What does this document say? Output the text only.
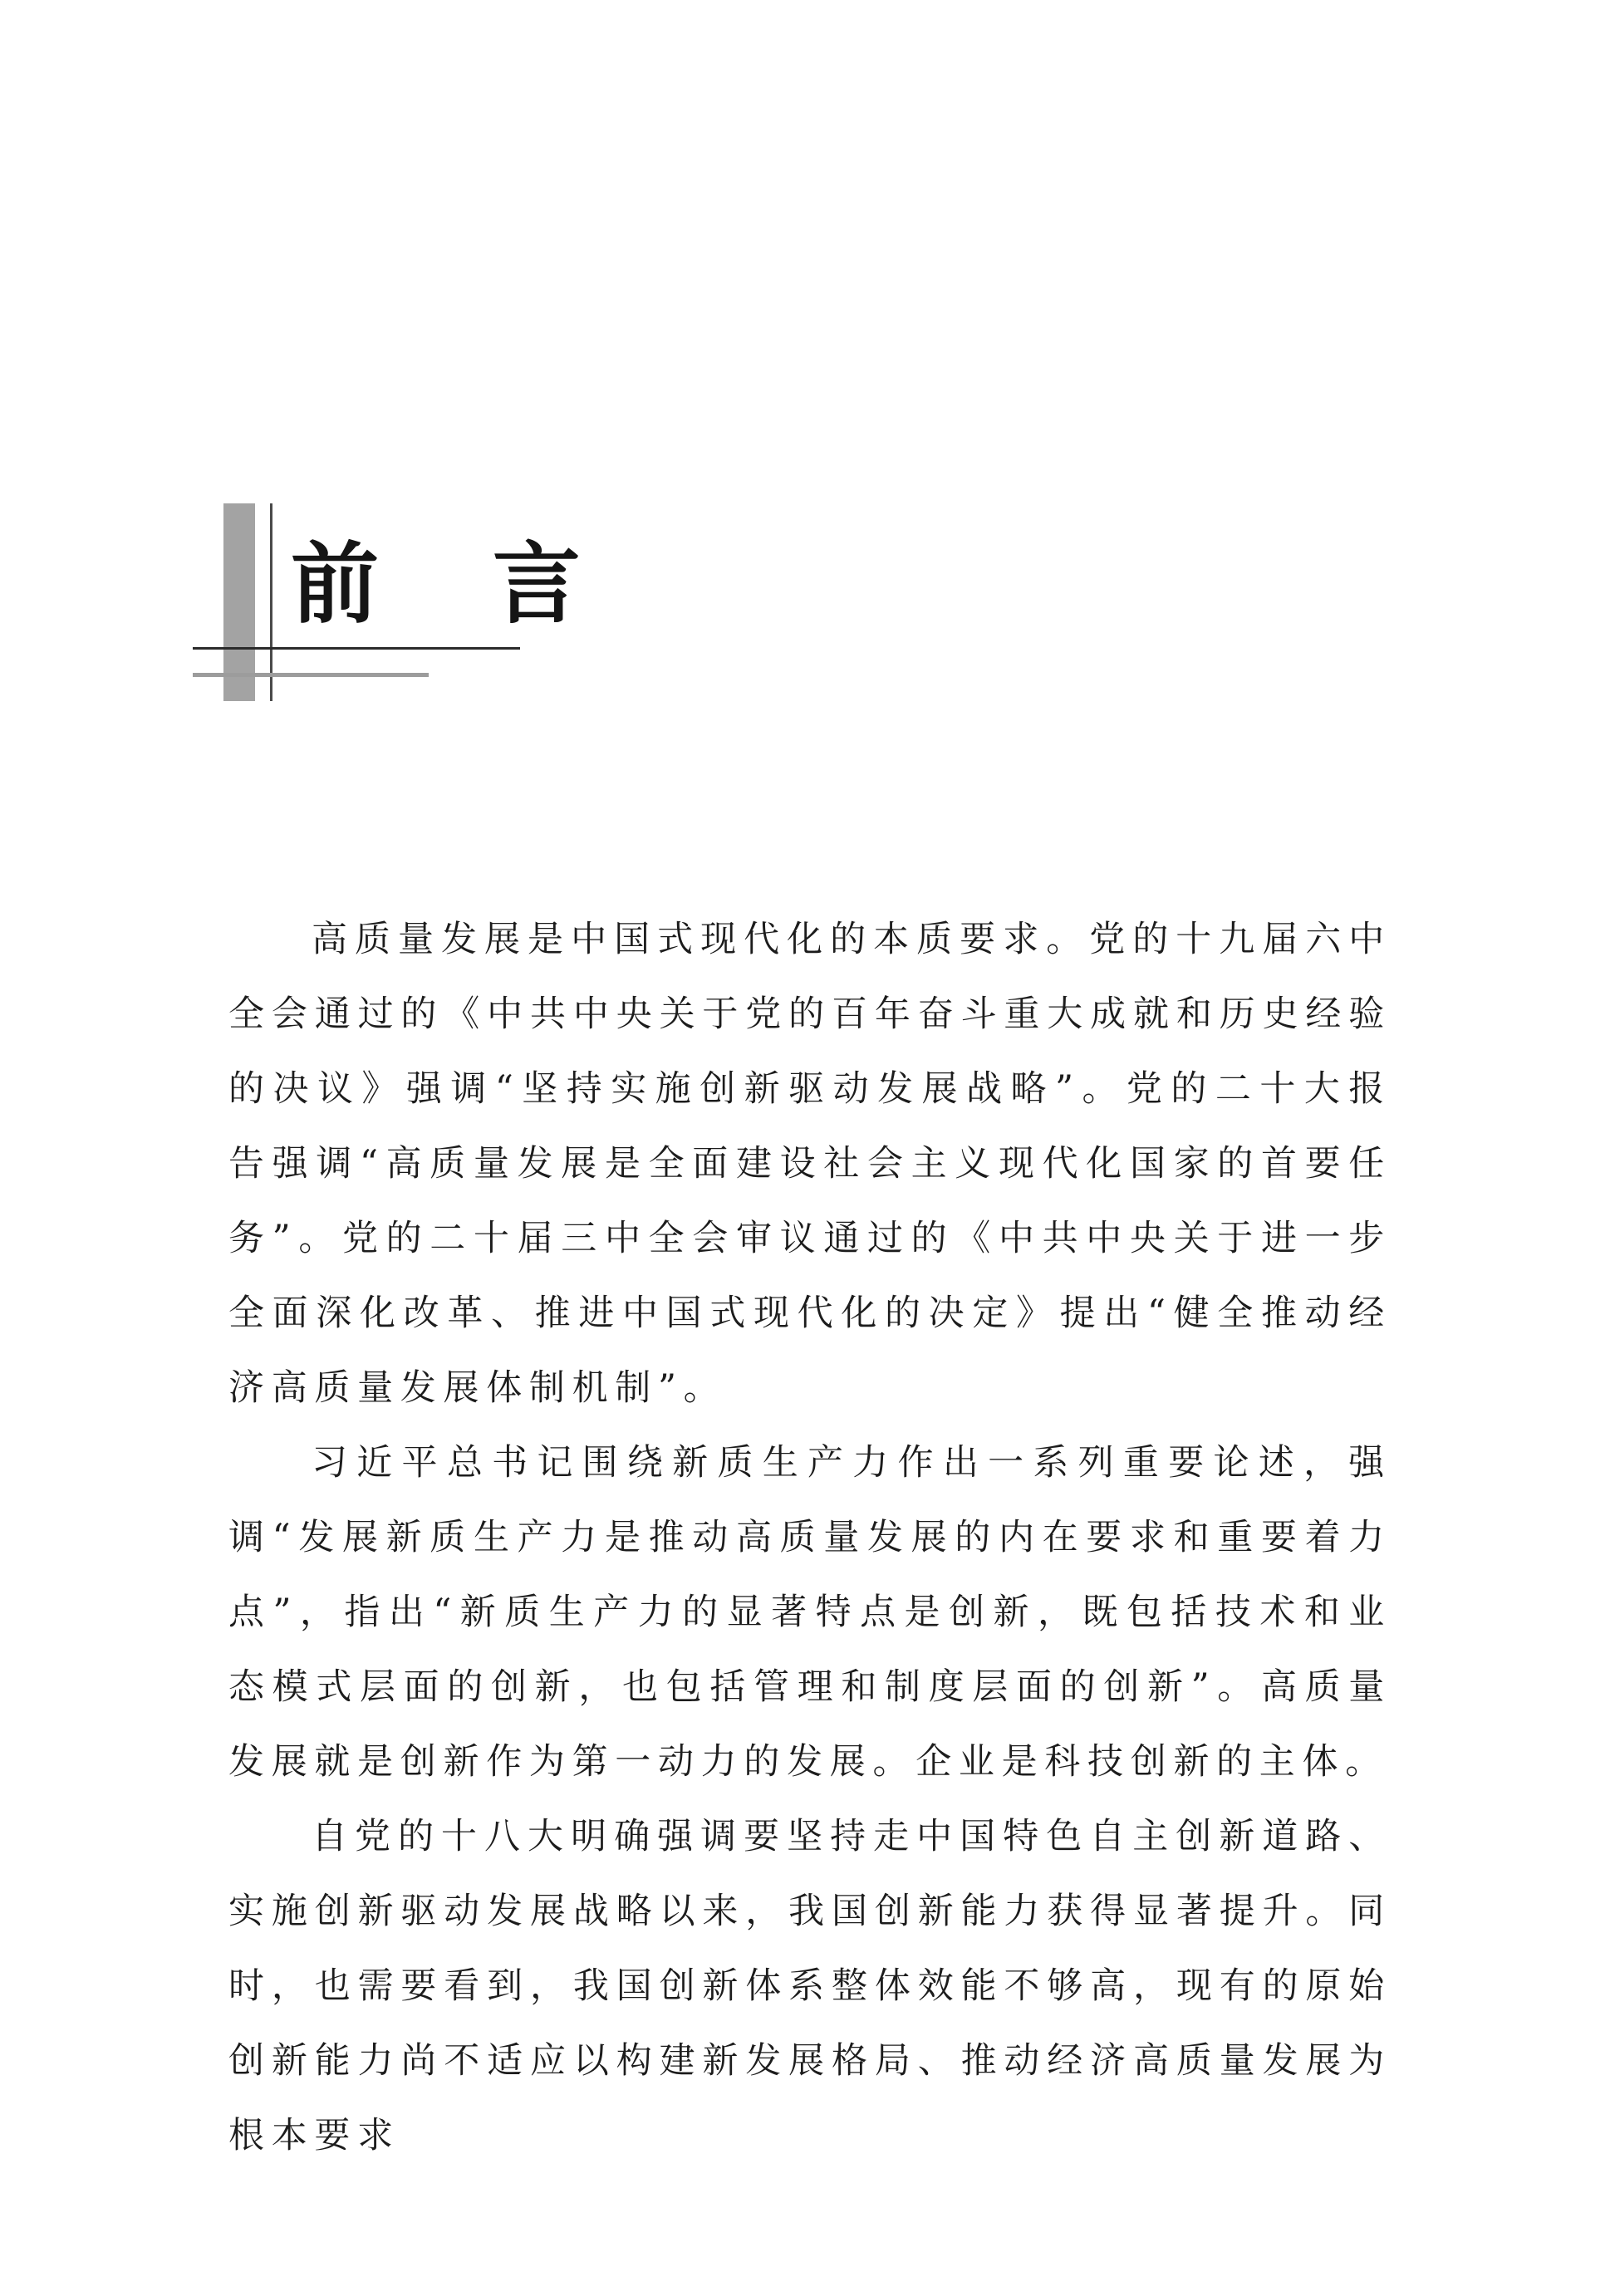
前 言

高质量发展是中国式现代化的本质要求。党的十九届六中全会通过的《中共中央关于党的百年奋斗重大成就和历史经验的决议》强调“坚持实施创新驱动发展战略”。党的二十大报告强调“高质量发展是全面建设社会主义现代化国家的首要任务”。党的二十届三中全会审议通过的《中共中央关于进一步全面深化改革、推进中国式现代化的决定》提出“健全推动经济高质量发展体制机制”。

习近平总书记围绕新质生产力作出一系列重要论述，强调“发展新质生产力是推动高质量发展的内在要求和重要着力点”，指出“新质生产力的显著特点是创新，既包括技术和业态模式层面的创新，也包括管理和制度层面的创新”。高质量发展就是创新作为第一动力的发展。企业是科技创新的主体。

自党的十八大明确强调要坚持走中国特色自主创新道路、实施创新驱动发展战略以来，我国创新能力获得显著提升。同时，也需要看到，我国创新体系整体效能不够高，现有的原始创新能力尚不适应以构建新发展格局、推动经济高质量发展为根本要求
